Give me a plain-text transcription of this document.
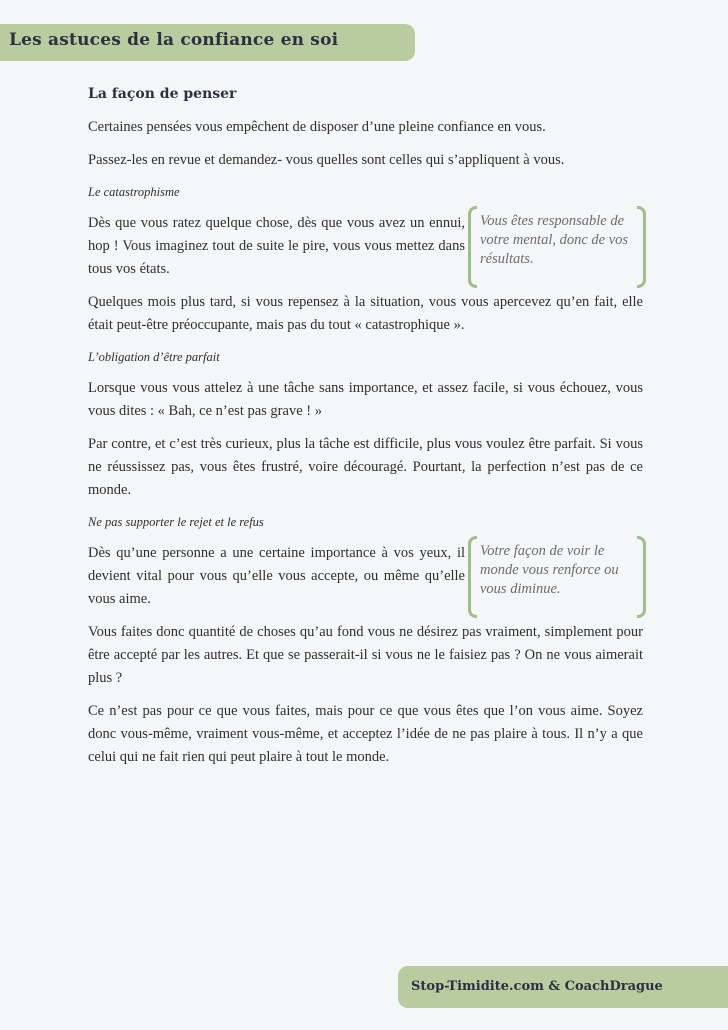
Les astuces de la confiance en soi
La façon de penser

Certaines pensées vous empêchent de disposer d’une pleine confiance en vous.

Passez-les en revue et demandez- vous quelles sont celles qui s’appliquent à vous.

Le catastrophisme

Dès que vous ratez quelque chose, dès que vous avez un ennui, hop ! Vous imaginez tout de suite le pire, vous vous mettez dans tous vos états.

Vous êtes responsable de votre mental, donc de vos résultats.

Quelques mois plus tard, si vous repensez à la situation, vous vous apercevez qu’en fait, elle était peut-être préoccupante, mais pas du tout « catastrophique ».

L’obligation d’être parfait

Lorsque vous vous attelez à une tâche sans importance, et assez facile, si vous échouez, vous vous dites : « Bah, ce n’est pas grave ! »

Par contre, et c’est très curieux, plus la tâche est difficile, plus vous voulez être parfait. Si vous ne réussissez pas, vous êtes frustré, voire découragé. Pourtant, la perfection n’est pas de ce monde.

Ne pas supporter le rejet et le refus

Dès qu’une personne a une certaine importance à vos yeux, il devient vital pour vous qu’elle vous accepte, ou même qu’elle vous aime.

Votre façon de voir le monde vous renforce ou vous diminue.

Vous faites donc quantité de choses qu’au fond vous ne désirez pas vraiment, simplement pour être accepté par les autres. Et que se passerait-il si vous ne le faisiez pas ? On ne vous aimerait plus ?

Ce n’est pas pour ce que vous faites, mais pour ce que vous êtes que l’on vous aime. Soyez donc vous-même, vraiment vous-même, et acceptez l’idée de ne pas plaire à tous. Il n’y a que celui qui ne fait rien qui peut plaire à tout le monde.

Stop-Timidite.com & CoachDrague
